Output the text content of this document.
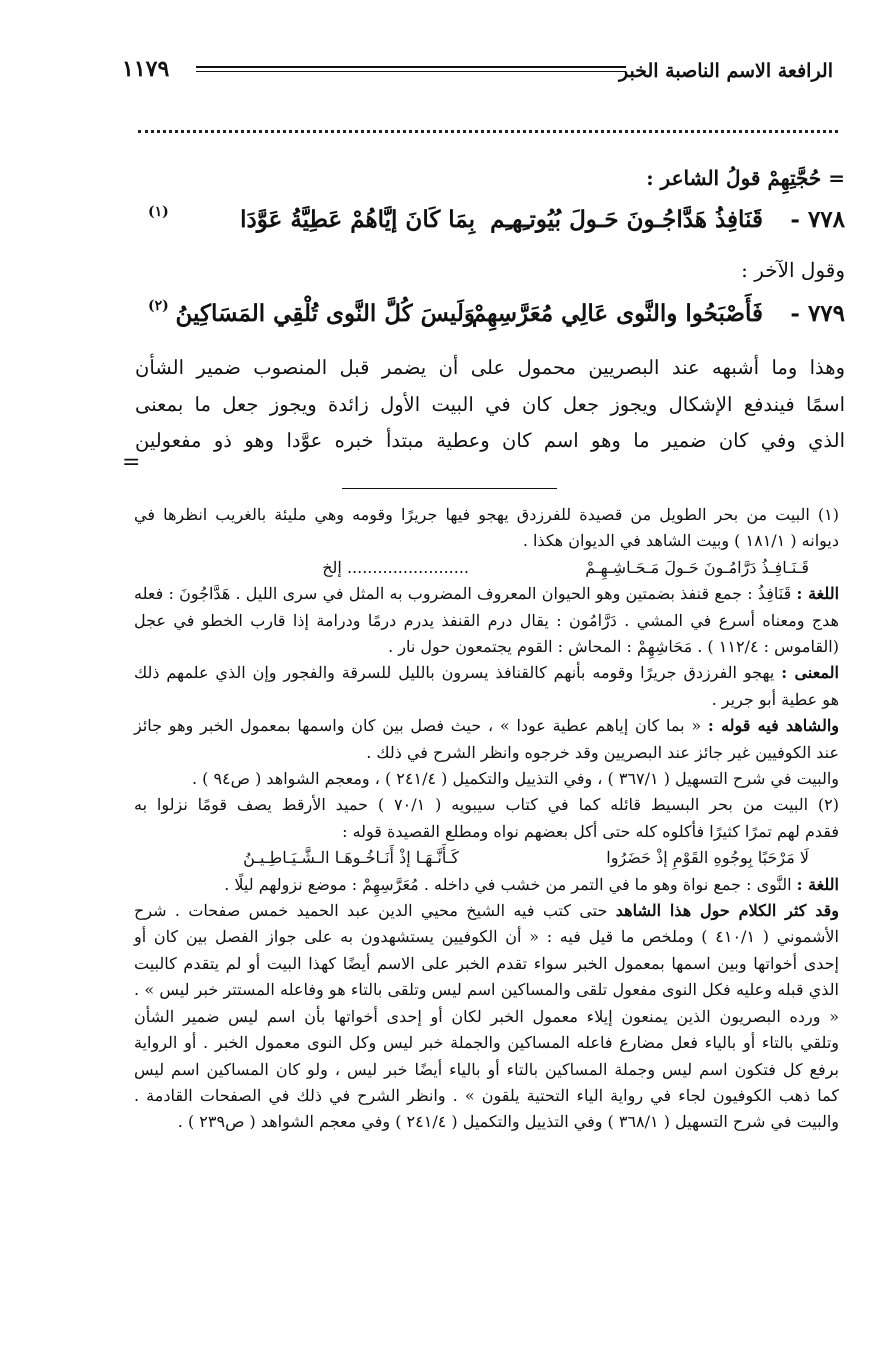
الرافعة الاسم الناصبة الخبر
١١٧٩
= حُجَّتِهِمْ قولُ الشاعر :
٧٧٨ -
قَنَافِذُ هَدَّاجُـونَ حَـولَ بُيُوتـِهـِم
بِمَا كَانَ إيَّاهُمْ عَطِيَّةُ عَوَّدَا
(١)
وقول الآخر :
٧٧٩ -
فَأَصْبَحُوا والنَّوى عَالِي مُعَرَّسِهِمْ
وَلَيسَ كُلَّ النَّوى تُلْقِي المَسَاكِينُ
(٢)

وهذا وما أشبهه عند البصريين محمول على أن يضمر قبل المنصوب ضمير الشأن

اسمًا فيندفع الإشكال ويجوز جعل كان في البيت الأول زائدة ويجوز جعل ما بمعنى

الذي وفي كان ضمير ما وهو اسم كان وعطية مبتدأ خبره عوَّدا وهو ذو مفعولين

=

(١) البيت من بحر الطويل من قصيدة للفرزدق يهجو فيها جريرًا وقومه وهي مليئة بالغريب انظرها في

ديوانه ( ١٨١/١ ) وبيت الشاهد في الديوان هكذا .

قَـنَـافِـذُ دَرَّامُـونَ حَـولَ مَـحَـاشِـهِـمْ
........................ إلخ

اللغة : قَنَافِذُ : جمع قنفذ بضمتين وهو الحيوان المعروف المضروب به المثل في سرى الليل . هَدَّاجُونَ : فعله

هدج ومعناه أسرع في المشي . دَرَّامُون : يقال درم القنفذ يدرم درمًا ودرامة إذا قارب الخطو في عجل

(القاموس : ١١٢/٤ ) . مَحَاشِهِمْ : المحاش : القوم يجتمعون حول نار .

المعنى : يهجو الفرزدق جريرًا وقومه بأنهم كالقنافذ يسرون بالليل للسرقة والفجور وإن الذي علمهم ذلك

هو عطية أبو جرير .

والشاهد فيه قوله : « بما كان إياهم عطية عودا » ، حيث فصل بين كان واسمها بمعمول الخبر وهو جائز

عند الكوفيين غير جائز عند البصريين وقد خرجوه وانظر الشرح في ذلك .

والبيت في شرح التسهيل ( ٣٦٧/١ ) ، وفي التذييل والتكميل ( ٢٤١/٤ ) ، ومعجم الشواهد ( ص٩٤ ) .

(٢) البيت من بحر البسيط قائله كما في كتاب سيبويه ( ٧٠/١ ) حميد الأرقط يصف قومًا نزلوا به

فقدم لهم تمرًا كثيرًا فأكلوه كله حتى أكل بعضهم نواه ومطلع القصيدة قوله :

لَا مَرْحَبًا بِوجُوهِ القَوْمِ إذْ حَضَرُوا
كَـأَنَّـهَـا إذْ أَنَـاخُـوهَـا الـشَّـيَـاطِـيـنُ

اللغة : النَّوى : جمع نواة وهو ما في التمر من خشب في داخله . مُعَرَّسِهِمْ : موضع نزولهم ليلًا .

وقد كثر الكلام حول هذا الشاهد حتى كتب فيه الشيخ محيي الدين عبد الحميد خمس صفحات . شرح

الأشموني ( ٤١٠/١ ) وملخص ما قيل فيه : « أن الكوفيين يستشهدون به على جواز الفصل بين كان أو

إحدى أخواتها وبين اسمها بمعمول الخبر سواء تقدم الخبر على الاسم أيضًا كهذا البيت أو لم يتقدم كالبيت

الذي قبله وعليه فكل النوى مفعول تلقى والمساكين اسم ليس وتلقى بالتاء هو وفاعله المستتر خبر ليس » .

« ورده البصريون الذين يمنعون إيلاء معمول الخبر لكان أو إحدى أخواتها بأن اسم ليس ضمير الشأن

وتلقي بالتاء أو بالياء فعل مضارع فاعله المساكين والجملة خبر ليس وكل النوى معمول الخبر . أو الرواية

برفع كل فتكون اسم ليس وجملة المساكين بالتاء أو بالياء أيضًا خبر ليس ، ولو كان المساكين اسم ليس

كما ذهب الكوفيون لجاء في رواية الياء التحتية يلقون » . وانظر الشرح في ذلك في الصفحات القادمة .

والبيت في شرح التسهيل ( ٣٦٨/١ ) وفي التذييل والتكميل ( ٢٤١/٤ ) وفي معجم الشواهد ( ص٢٣٩ ) .
